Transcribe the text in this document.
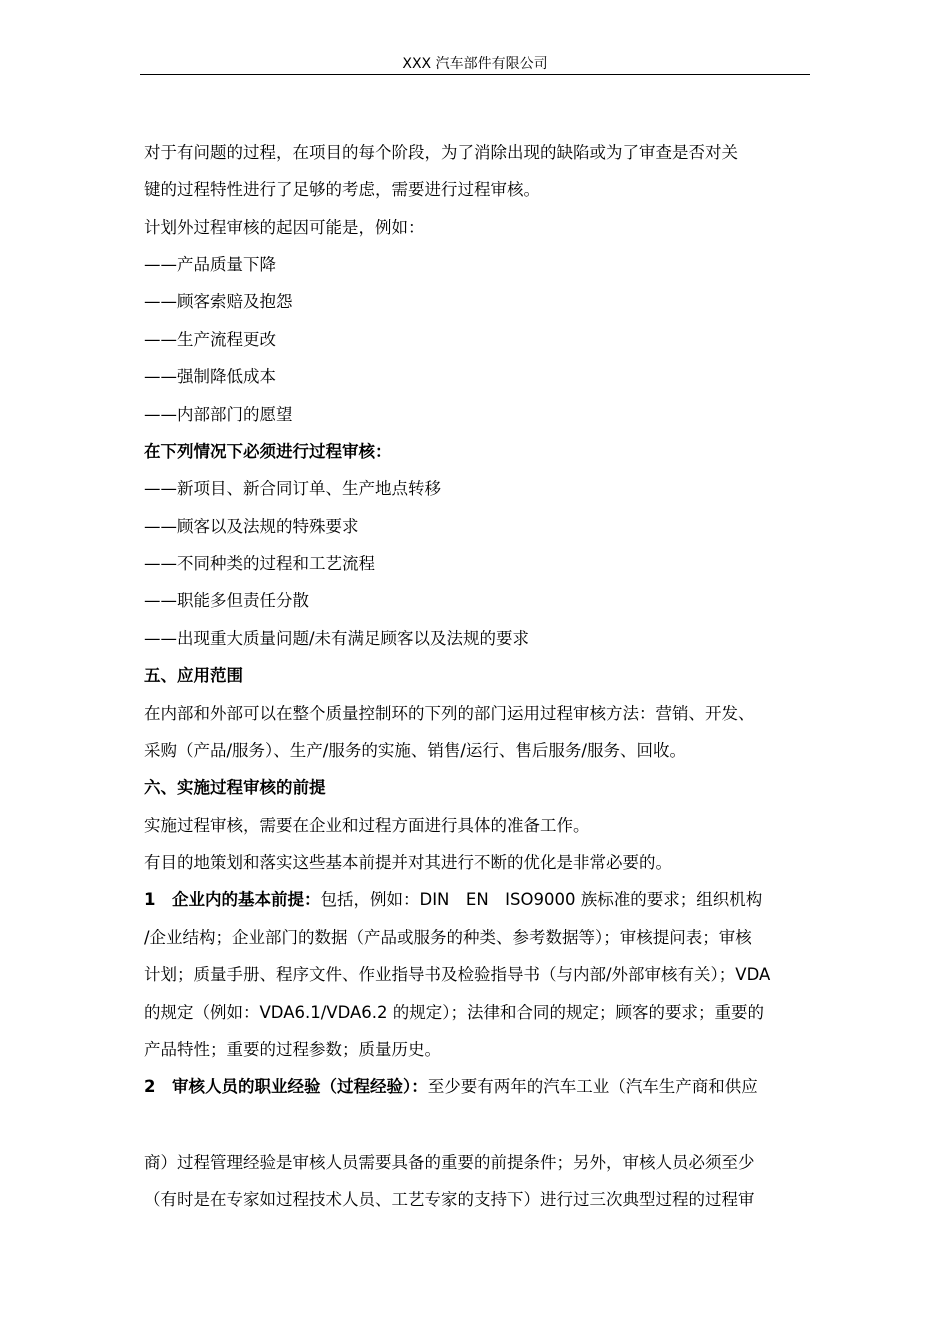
XXX 汽车部件有限公司
对于有问题的过程，在项目的每个阶段，为了消除出现的缺陷或为了审查是否对关
键的过程特性进行了足够的考虑，需要进行过程审核。
计划外过程审核的起因可能是，例如：
——产品质量下降
——顾客索赔及抱怨
——生产流程更改
——强制降低成本
——内部部门的愿望
在下列情况下必须进行过程审核：
——新项目、新合同订单、生产地点转移
——顾客以及法规的特殊要求
——不同种类的过程和工艺流程
——职能多但责任分散
——出现重大质量问题/未有满足顾客以及法规的要求
五、应用范围
在内部和外部可以在整个质量控制环的下列的部门运用过程审核方法：营销、开发、
采购（产品/服务）、生产/服务的实施、销售/运行、售后服务/服务、回收。
六、实施过程审核的前提
实施过程审核，需要在企业和过程方面进行具体的准备工作。
有目的地策划和落实这些基本前提并对其进行不断的优化是非常必要的。
1　企业内的基本前提：包括，例如：DIN　EN　ISO9000 族标准的要求；组织机构
/企业结构；企业部门的数据（产品或服务的种类、参考数据等）；审核提问表；审核
计划；质量手册、程序文件、作业指导书及检验指导书（与内部/外部审核有关）；VDA
的规定（例如：VDA6.1/VDA6.2 的规定）；法律和合同的规定；顾客的要求；重要的
产品特性；重要的过程参数；质量历史。
2　审核人员的职业经验（过程经验）：至少要有两年的汽车工业（汽车生产商和供应
商）过程管理经验是审核人员需要具备的重要的前提条件；另外，审核人员必须至少
（有时是在专家如过程技术人员、工艺专家的支持下）进行过三次典型过程的过程审
